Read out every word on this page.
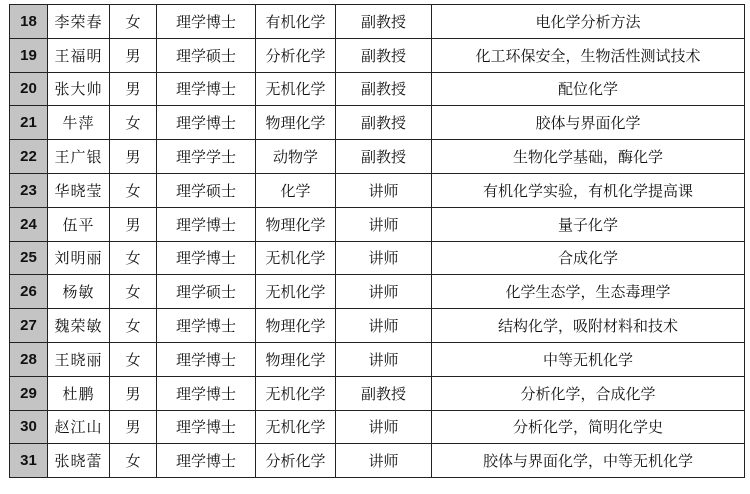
18	李荣春	女	理学博士	有机化学	副教授	电化学分析方法
19	王福明	男	理学硕士	分析化学	副教授	化工环保安全，生物活性测试技术
20	张大帅	男	理学博士	无机化学	副教授	配位化学
21	牛萍	女	理学博士	物理化学	副教授	胶体与界面化学
22	王广银	男	理学学士	动物学	副教授	生物化学基础，酶化学
23	华晓莹	女	理学硕士	化学	讲师	有机化学实验，有机化学提高课
24	伍平	男	理学博士	物理化学	讲师	量子化学
25	刘明丽	女	理学博士	无机化学	讲师	合成化学
26	杨敏	女	理学硕士	无机化学	讲师	化学生态学，生态毒理学
27	魏荣敏	女	理学博士	物理化学	讲师	结构化学，吸附材料和技术
28	王晓丽	女	理学博士	物理化学	讲师	中等无机化学
29	杜鹏	男	理学博士	无机化学	副教授	分析化学，合成化学
30	赵江山	男	理学博士	无机化学	讲师	分析化学，简明化学史
31	张晓蕾	女	理学博士	分析化学	讲师	胶体与界面化学，中等无机化学
